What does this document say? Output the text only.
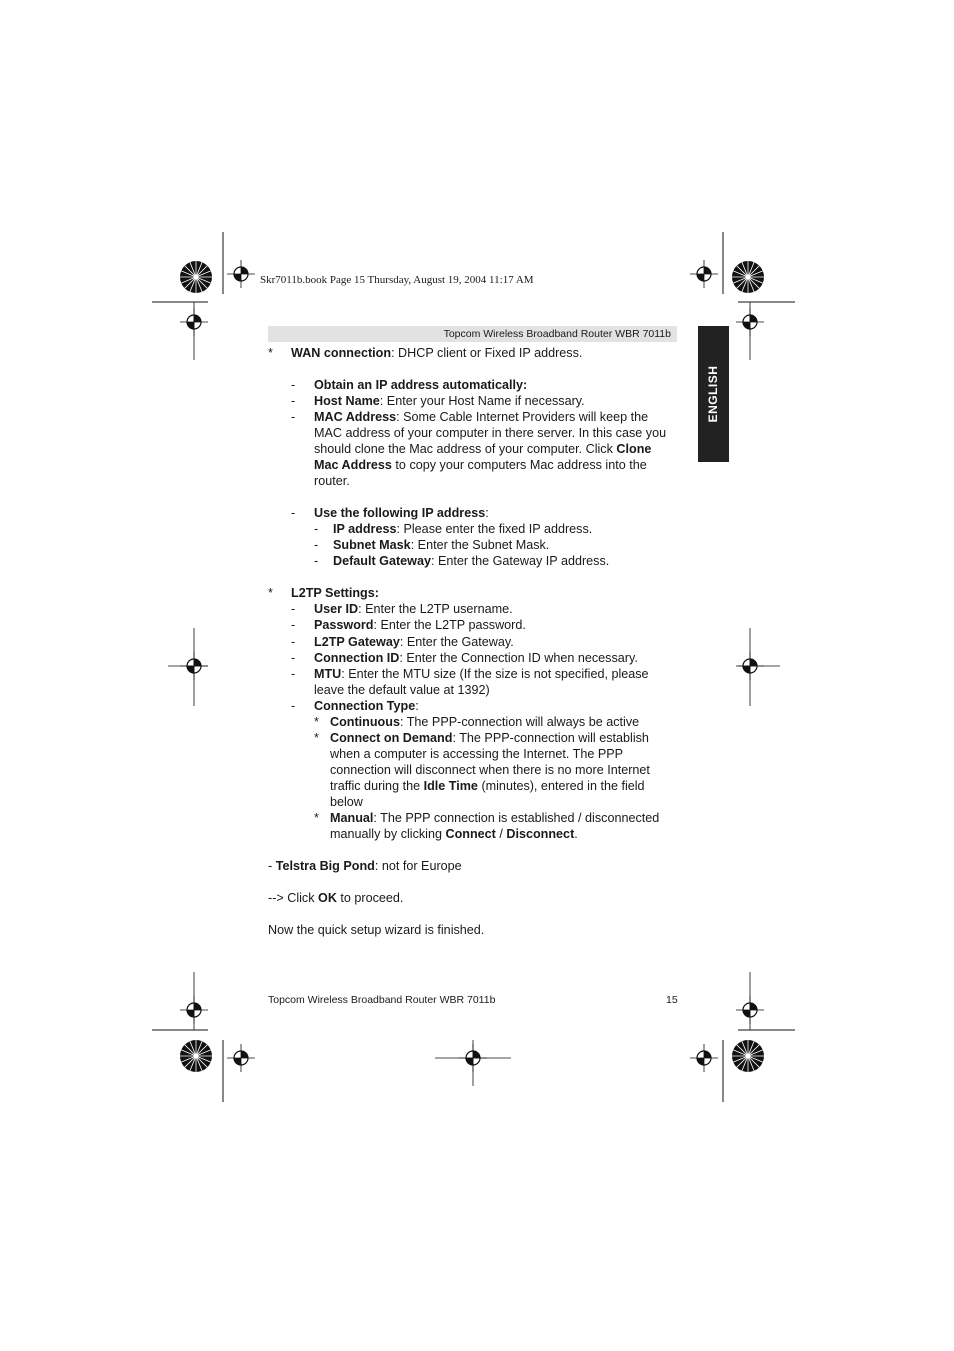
Skr7011b.book Page 15 Thursday, August 19, 2004 11:17 AM
Topcom Wireless Broadband Router WBR 7011b
ENGLISH
* WAN connection: DHCP client or Fixed IP address.
- Obtain an IP address automatically:
- Host Name: Enter your Host Name if necessary.
- MAC Address: Some Cable Internet Providers will keep the
MAC address of your computer in there server. In this case you
should clone the Mac address of your computer. Click Clone
Mac Address to copy your computers Mac address into the
router.
- Use the following IP address:
- IP address: Please enter the fixed IP address.
- Subnet Mask: Enter the Subnet Mask.
- Default Gateway: Enter the Gateway IP address.
* L2TP Settings:
- User ID: Enter the L2TP username.
- Password: Enter the L2TP password.
- L2TP Gateway: Enter the Gateway.
- Connection ID: Enter the Connection ID when necessary.
- MTU: Enter the MTU size (If the size is not specified, please
leave the default value at 1392)
- Connection Type:
* Continuous: The PPP-connection will always be active
* Connect on Demand: The PPP-connection will establish
when a computer is accessing the Internet. The PPP
connection will disconnect when there is no more Internet
traffic during the Idle Time (minutes), entered in the field
below
* Manual: The PPP connection is established / disconnected
manually by clicking Connect / Disconnect.
- Telstra Big Pond: not for Europe
--> Click OK to proceed.
Now the quick setup wizard is finished.
Topcom Wireless Broadband Router WBR 7011b	15
